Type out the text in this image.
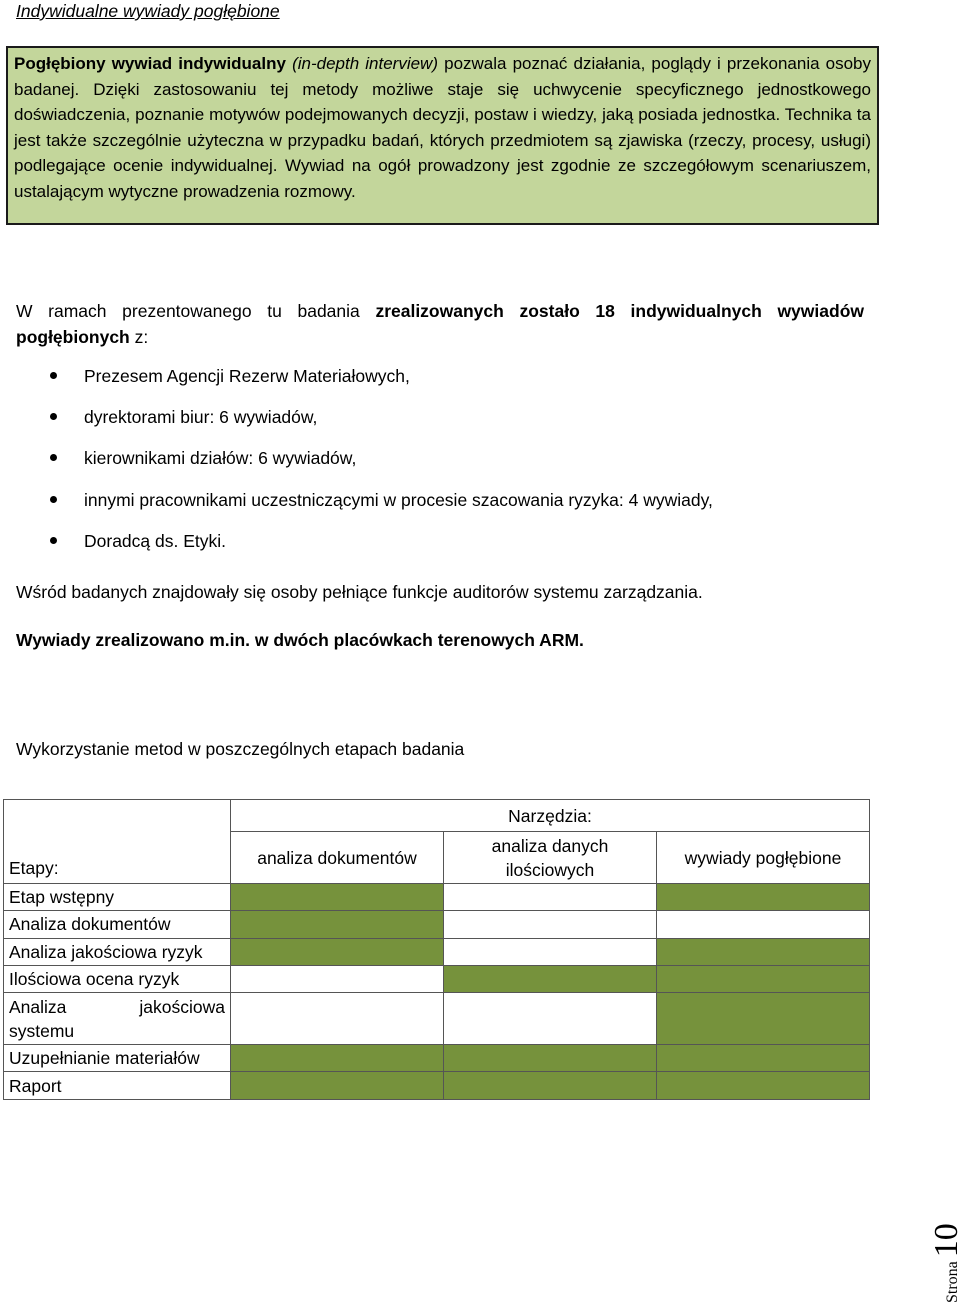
Indywidualne wywiady pogłębione
Pogłębiony wywiad indywidualny (in-depth interview) pozwala poznać działania, poglądy i przekonania osoby badanej. Dzięki zastosowaniu tej metody możliwe staje się uchwycenie specyficznego jednostkowego doświadczenia, poznanie motywów podejmowanych decyzji, postaw i wiedzy, jaką posiada jednostka. Technika ta jest także szczególnie użyteczna w przypadku badań, których przedmiotem są zjawiska (rzeczy, procesy, usługi) podlegające ocenie indywidualnej. Wywiad na ogół prowadzony jest zgodnie ze szczegółowym scenariuszem, ustalającym wytyczne prowadzenia rozmowy.
W ramach prezentowanego tu badania zrealizowanych zostało 18 indywidualnych wywiadów pogłębionych z:
Prezesem Agencji Rezerw Materiałowych,
dyrektorami biur: 6 wywiadów,
kierownikami działów: 6 wywiadów,
innymi pracownikami uczestniczącymi w procesie szacowania ryzyka: 4 wywiady,
Doradcą ds. Etyki.
Wśród badanych znajdowały się osoby pełniące funkcje auditorów systemu zarządzania.
Wywiady zrealizowano m.in. w dwóch placówkach terenowych ARM.
Wykorzystanie metod w poszczególnych etapach badania
Etapy:	Narzędzia:		
	analiza dokumentów	analiza danych ilościowych	wywiady pogłębione
Etap wstępny			
Analiza dokumentów			
Analiza jakościowa ryzyk			
Ilościowa ocena ryzyk			

Analiza jakościowa
systemu			

Uzupełnianie materiałów			
Raport			
Strona
10
